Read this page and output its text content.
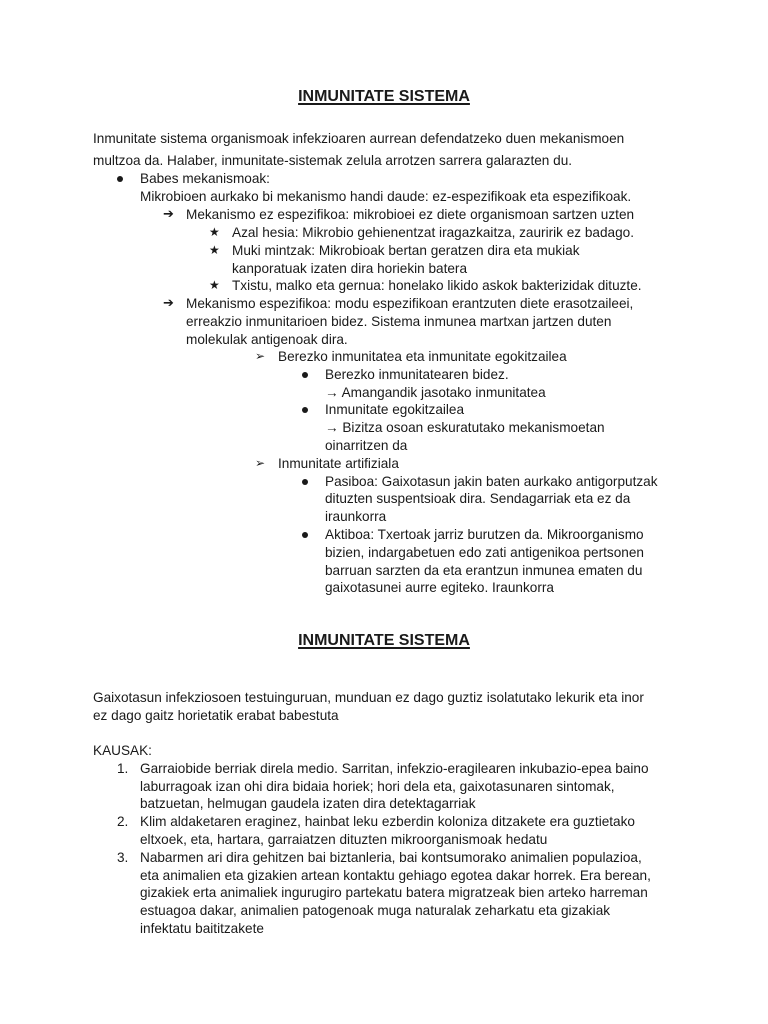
INMUNITATE SISTEMA
Inmunitate sistema organismoak infekzioaren aurrean defendatzeko duen mekanismoen
multzoa da. Halaber, inmunitate-sistemak zelula arrotzen sarrera galarazten du.
Babes mekanismoak:
Mikrobioen aurkako bi mekanismo handi daude: ez-espezifikoak eta espezifikoak.
➔ Mekanismo ez espezifikoa: mikrobioei ez diete organismoan sartzen uzten
★ Azal hesia: Mikrobio gehienentzat iragazkaitza, zauririk ez badago.
★ Muki mintzak: Mikrobioak bertan geratzen dira eta mukiak
kanporatuak izaten dira horiekin batera
★ Txistu, malko eta gernua: honelako likido askok bakterizidak dituzte.
➔ Mekanismo espezifikoa: modu espezifikoan erantzuten diete erasotzaileei,
erreakzio inmunitarioen bidez. Sistema inmunea martxan jartzen duten
molekulak antigenoak dira.
➢ Berezko inmunitatea eta inmunitate egokitzailea
Berezko inmunitatearen bidez.
→ Amangandik jasotako inmunitatea
Inmunitate egokitzailea
→ Bizitza osoan eskuratutako mekanismoetan
oinarritzen da
➢ Inmunitate artifiziala
Pasiboa: Gaixotasun jakin baten aurkako antigorputzak
dituzten suspentsioak dira. Sendagarriak eta ez da
iraunkorra
Aktiboa: Txertoak jarriz burutzen da. Mikroorganismo
bizien, indargabetuen edo zati antigenikoa pertsonen
barruan sarzten da eta erantzun inmunea ematen du
gaixotasunei aurre egiteko. Iraunkorra
INMUNITATE SISTEMA
Gaixotasun infekziosoen testuinguruan, munduan ez dago guztiz isolatutako lekurik eta inor
ez dago gaitz horietatik erabat babestuta
KAUSAK:
1. Garraiobide berriak direla medio. Sarritan, infekzio-eragilearen inkubazio-epea baino
laburragoak izan ohi dira bidaia horiek; hori dela eta, gaixotasunaren sintomak,
batzuetan, helmugan gaudela izaten dira detektagarriak
2. Klim aldaketaren eraginez, hainbat leku ezberdin koloniza ditzakete era guztietako
eltxoek, eta, hartara, garraiatzen dituzten mikroorganismoak hedatu
3. Nabarmen ari dira gehitzen bai biztanleria, bai kontsumorako animalien populazioa,
eta animalien eta gizakien artean kontaktu gehiago egotea dakar horrek. Era berean,
gizakiek erta animaliek ingurugiro partekatu batera migratzeak bien arteko harreman
estuagoa dakar, animalien patogenoak muga naturalak zeharkatu eta gizakiak
infektatu baititzakete
